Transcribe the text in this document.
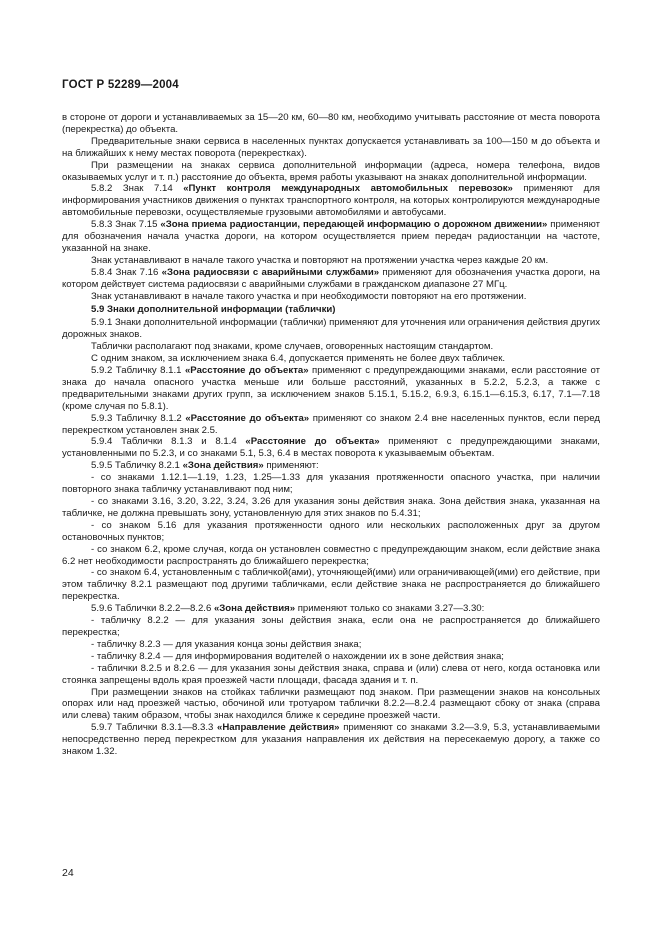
ГОСТ Р 52289—2004

в стороне от дороги и устанавливаемых за 15—20 км, 60—80 км, необходимо учитывать расстояние от места поворота (перекрестка) до объекта.

Предварительные знаки сервиса в населенных пунктах допускается устанавливать за 100—150 м до объекта и на ближайших к нему местах поворота (перекрестках).

При размещении на знаках сервиса дополнительной информации (адреса, номера телефона, видов оказываемых услуг и т. п.) расстояние до объекта, время работы указывают на знаках дополнительной информации.

5.8.2 Знак 7.14 «Пункт контроля международных автомобильных перевозок» применяют для информирования участников движения о пунктах транспортного контроля, на которых контролируются международные автомобильные перевозки, осуществляемые грузовыми автомобилями и автобусами.

5.8.3 Знак 7.15 «Зона приема радиостанции, передающей информацию о дорожном движении» применяют для обозначения начала участка дороги, на котором осуществляется прием передач радиостанции на частоте, указанной на знаке.

Знак устанавливают в начале такого участка и повторяют на протяжении участка через каждые 20 км.

5.8.4 Знак 7.16 «Зона радиосвязи с аварийными службами» применяют для обозначения участка дороги, на котором действует система радиосвязи с аварийными службами в гражданском диапазоне 27 МГц.

Знак устанавливают в начале такого участка и при необходимости повторяют на его протяжении.

5.9 Знаки дополнительной информации (таблички)

5.9.1 Знаки дополнительной информации (таблички) применяют для уточнения или ограничения действия других дорожных знаков.

Таблички располагают под знаками, кроме случаев, оговоренных настоящим стандартом.

С одним знаком, за исключением знака 6.4, допускается применять не более двух табличек.

5.9.2 Табличку 8.1.1 «Расстояние до объекта» применяют с предупреждающими знаками, если расстояние от знака до начала опасного участка меньше или больше расстояний, указанных в 5.2.2, 5.2.3, а также с предварительными знаками других групп, за исключением знаков 5.15.1, 5.15.2, 6.9.3, 6.15.1—6.15.3, 6.17, 7.1—7.18 (кроме случая по 5.8.1).

5.9.3 Табличку 8.1.2 «Расстояние до объекта» применяют со знаком 2.4 вне населенных пунктов, если перед перекрестком установлен знак 2.5.

5.9.4 Таблички 8.1.3 и 8.1.4 «Расстояние до объекта» применяют с предупреждающими знаками, установленными по 5.2.3, и со знаками 5.1, 5.3, 6.4 в местах поворота к указываемым объектам.

5.9.5 Табличку 8.2.1 «Зона действия» применяют:

- со знаками 1.12.1—1.19, 1.23, 1.25—1.33 для указания протяженности опасного участка, при наличии повторного знака табличку устанавливают под ним;

- со знаками 3.16, 3.20, 3.22, 3.24, 3.26 для указания зоны действия знака. Зона действия знака, указанная на табличке, не должна превышать зону, установленную для этих знаков по 5.4.31;

- со знаком 5.16 для указания протяженности одного или нескольких расположенных друг за другом остановочных пунктов;

- со знаком 6.2, кроме случая, когда он установлен совместно с предупреждающим знаком, если действие знака 6.2 нет необходимости распространять до ближайшего перекрестка;

- со знаком 6.4, установленным с табличкой(ами), уточняющей(ими) или ограничивающей(ими) его действие, при этом табличку 8.2.1 размещают под другими табличками, если действие знака не распространяется до ближайшего перекрестка.

5.9.6 Таблички 8.2.2—8.2.6 «Зона действия» применяют только со знаками 3.27—3.30:

- табличку 8.2.2 — для указания зоны действия знака, если она не распространяется до ближайшего перекрестка;

- табличку 8.2.3 — для указания конца зоны действия знака;

- табличку 8.2.4 — для информирования водителей о нахождении их в зоне действия знака;

- таблички 8.2.5 и 8.2.6 — для указания зоны действия знака, справа и (или) слева от него, когда остановка или стоянка запрещены вдоль края проезжей части площади, фасада здания и т. п.

При размещении знаков на стойках таблички размещают под знаком. При размещении знаков на консольных опорах или над проезжей частью, обочиной или тротуаром таблички 8.2.2—8.2.4 размещают сбоку от знака (справа или слева) таким образом, чтобы знак находился ближе к середине проезжей части.

5.9.7 Таблички 8.3.1—8.3.3 «Направление действия» применяют со знаками 3.2—3.9, 5.3, устанавливаемыми непосредственно перед перекрестком для указания направления их действия на пересекаемую дорогу, а также со знаком 1.32.

24
